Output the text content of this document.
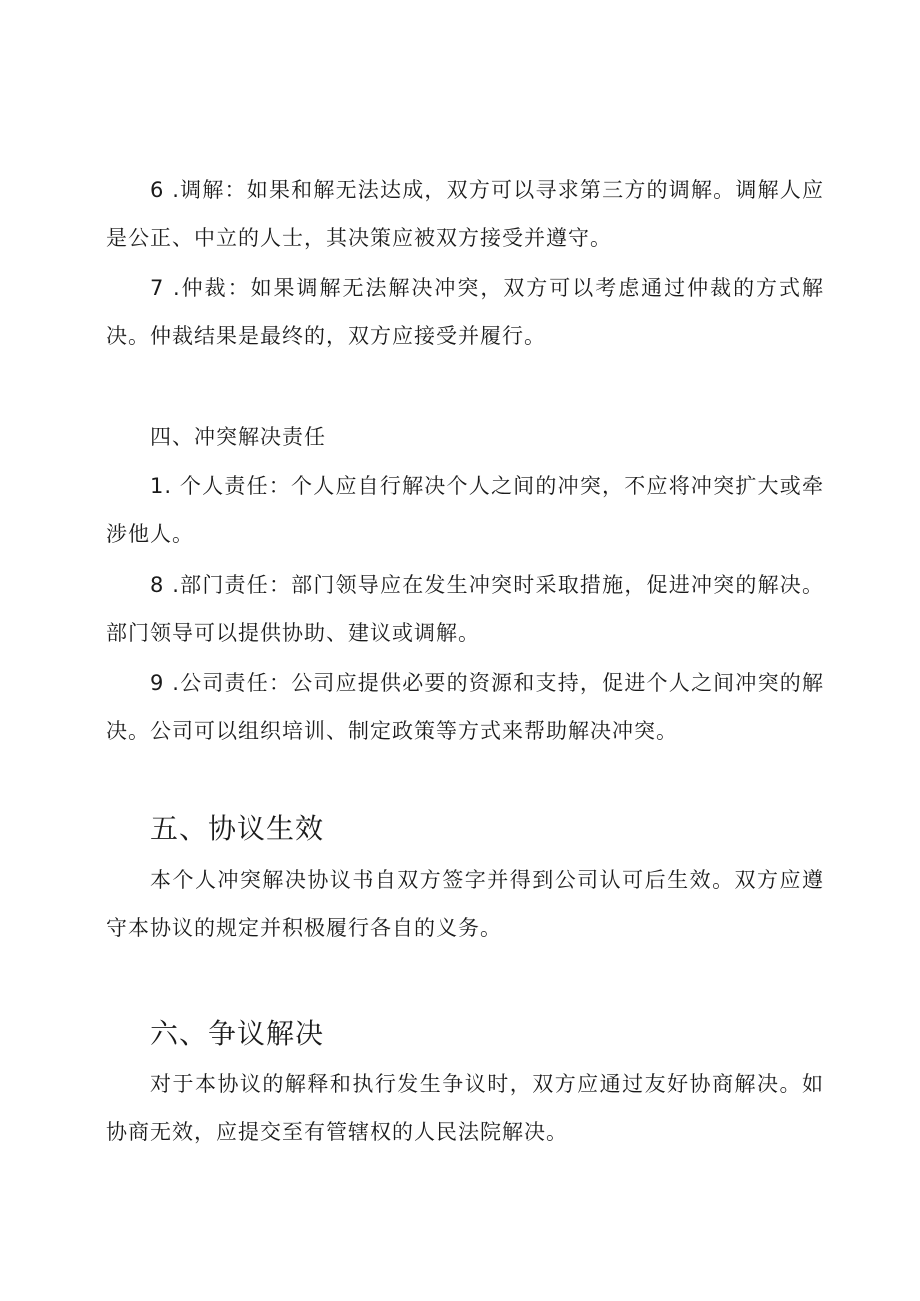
6 .调解：如果和解无法达成，双方可以寻求第三方的调解。调解人应是公正、中立的人士，其决策应被双方接受并遵守。

7 .仲裁：如果调解无法解决冲突，双方可以考虑通过仲裁的方式解决。仲裁结果是最终的，双方应接受并履行。

四、冲突解决责任

1. 个人责任：个人应自行解决个人之间的冲突，不应将冲突扩大或牵涉他人。

8 .部门责任：部门领导应在发生冲突时采取措施，促进冲突的解决。部门领导可以提供协助、建议或调解。

9 .公司责任：公司应提供必要的资源和支持，促进个人之间冲突的解决。公司可以组织培训、制定政策等方式来帮助解决冲突。

五、协议生效

本个人冲突解决协议书自双方签字并得到公司认可后生效。双方应遵守本协议的规定并积极履行各自的义务。

六、争议解决

对于本协议的解释和执行发生争议时，双方应通过友好协商解决。如协商无效，应提交至有管辖权的人民法院解决。
